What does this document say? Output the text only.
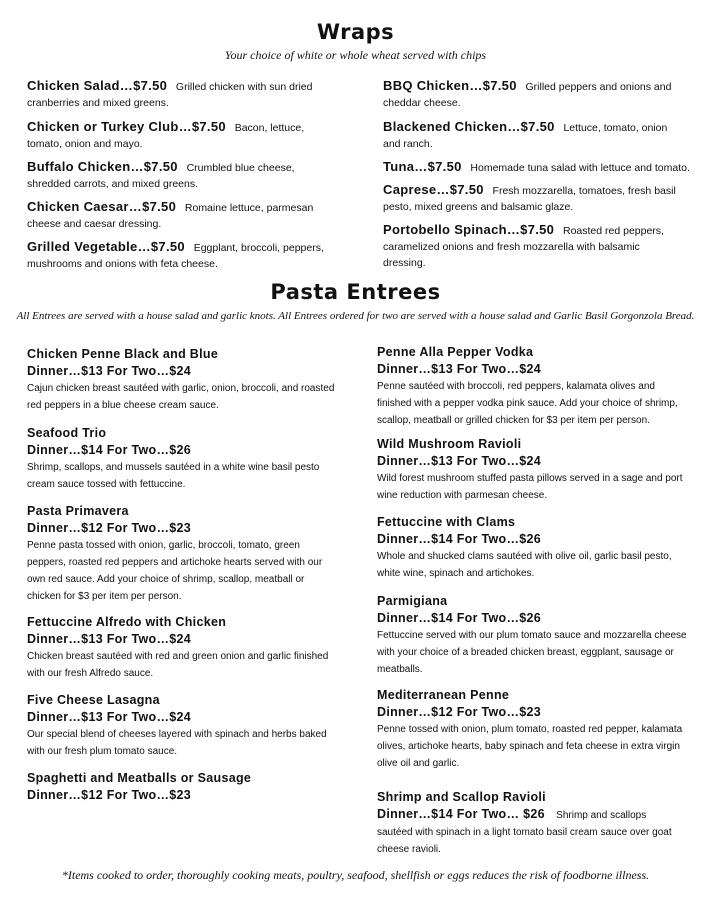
Wraps

Your choice of white or whole wheat served with chips

Chicken Salad…$7.50 Grilled chicken with sun dried cranberries and mixed greens.
Chicken or Turkey Club…$7.50 Bacon, lettuce, tomato, onion and mayo.
Buffalo Chicken…$7.50 Crumbled blue cheese, shredded carrots, and mixed greens.
Chicken Caesar…$7.50 Romaine lettuce, parmesan cheese and caesar dressing.
Grilled Vegetable…$7.50 Eggplant, broccoli, peppers, mushrooms and onions with feta cheese.
BBQ Chicken…$7.50 Grilled peppers and onions and cheddar cheese.
Blackened Chicken…$7.50 Lettuce, tomato, onion and ranch.
Tuna…$7.50 Homemade tuna salad with lettuce and tomato.
Caprese…$7.50 Fresh mozzarella, tomatoes, fresh basil pesto, mixed greens and balsamic glaze.
Portobello Spinach…$7.50 Roasted red peppers, caramelized onions and fresh mozzarella with balsamic dressing.
Pasta Entrees

All Entrees are served with a house salad and garlic knots. All Entrees ordered for two are served with a house salad and Garlic Basil Gorgonzola Bread.

Chicken Penne Black and Blue
Dinner…$13 For Two…$24
Cajun chicken breast sautéed with garlic, onion, broccoli, and roasted red peppers in a blue cheese cream sauce.
Seafood Trio
Dinner…$14 For Two…$26
Shrimp, scallops, and mussels sautéed in a white wine basil pesto cream sauce tossed with fettuccine.
Pasta Primavera
Dinner…$12 For Two…$23
Penne pasta tossed with onion, garlic, broccoli, tomato, green peppers, roasted red peppers and artichoke hearts served with our own red sauce. Add your choice of shrimp, scallop, meatball or chicken for $3 per item per person.
Fettuccine Alfredo with Chicken
Dinner…$13 For Two…$24
Chicken breast sautéed with red and green onion and garlic finished with our fresh Alfredo sauce.
Five Cheese Lasagna
Dinner…$13 For Two…$24
Our special blend of cheeses layered with spinach and herbs baked with our fresh plum tomato sauce.
Spaghetti and Meatballs or Sausage
Dinner…$12 For Two…$23
Penne Alla Pepper Vodka
Dinner…$13 For Two…$24
Penne sautéed with broccoli, red peppers, kalamata olives and finished with a pepper vodka pink sauce. Add your choice of shrimp, scallop, meatball or grilled chicken for $3 per item per person.
Wild Mushroom Ravioli
Dinner…$13 For Two…$24
Wild forest mushroom stuffed pasta pillows served in a sage and port wine reduction with parmesan cheese.
Fettuccine with Clams
Dinner…$14 For Two…$26
Whole and shucked clams sautéed with olive oil, garlic basil pesto, white wine, spinach and artichokes.
Parmigiana
Dinner…$14 For Two…$26
Fettuccine served with our plum tomato sauce and mozzarella cheese with your choice of a breaded chicken breast, eggplant, sausage or meatballs.
Mediterranean Penne
Dinner…$12 For Two…$23
Penne tossed with onion, plum tomato, roasted red pepper, kalamata olives, artichoke hearts, baby spinach and feta cheese in extra virgin olive oil and garlic.
Shrimp and Scallop Ravioli
Dinner…$14 For Two… $26 Shrimp and scallops
sautéed with spinach in a light tomato basil cream sauce over goat cheese ravioli.
*Items cooked to order, thoroughly cooking meats, poultry, seafood, shellfish or eggs reduces the risk of foodborne illness.
